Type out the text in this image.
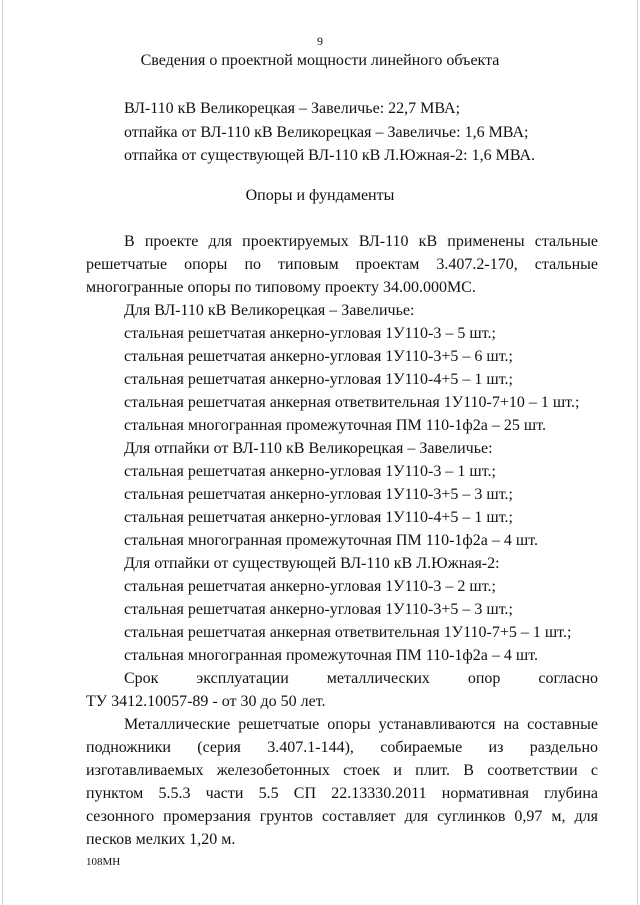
9
Сведения о проектной мощности линейного объекта
ВЛ-110 кВ Великорецкая – Завеличье: 22,7 МВА;
отпайка от ВЛ-110 кВ Великорецкая – Завеличье: 1,6 МВА;
отпайка от существующей ВЛ-110 кВ Л.Южная-2: 1,6 МВА.
Опоры и фундаменты
В проекте для проектируемых ВЛ-110 кВ применены стальные
решетчатые опоры по типовым проектам 3.407.2-170, стальные
многогранные опоры по типовому проекту 34.00.000МС.
Для ВЛ-110 кВ Великорецкая – Завеличье:
стальная решетчатая анкерно-угловая 1У110-3 – 5 шт.;
стальная решетчатая анкерно-угловая 1У110-3+5 – 6 шт.;
стальная решетчатая анкерно-угловая 1У110-4+5 – 1 шт.;
стальная решетчатая анкерная ответвительная 1У110-7+10 – 1 шт.;
стальная многогранная промежуточная ПМ 110-1ф2а – 25 шт.
Для отпайки от ВЛ-110 кВ Великорецкая – Завеличье:
стальная решетчатая анкерно-угловая 1У110-3 – 1 шт.;
стальная решетчатая анкерно-угловая 1У110-3+5 – 3 шт.;
стальная решетчатая анкерно-угловая 1У110-4+5 – 1 шт.;
стальная многогранная промежуточная ПМ 110-1ф2а – 4 шт.
Для отпайки от существующей ВЛ-110 кВ Л.Южная-2:
стальная решетчатая анкерно-угловая 1У110-3 – 2 шт.;
стальная решетчатая анкерно-угловая 1У110-3+5 – 3 шт.;
стальная решетчатая анкерная ответвительная 1У110-7+5 – 1 шт.;
стальная многогранная промежуточная ПМ 110-1ф2а – 4 шт.
Срок эксплуатации металлических опор согласно
ТУ 3412.10057-89 - от 30 до 50 лет.
Металлические решетчатые опоры устанавливаются на составные
подножники (серия 3.407.1-144), собираемые из раздельно
изготавливаемых железобетонных стоек и плит. В соответствии с
пунктом 5.5.3 части 5.5 СП 22.13330.2011 нормативная глубина
сезонного промерзания грунтов составляет для суглинков 0,97 м, для
песков мелких 1,20 м.
108МН
